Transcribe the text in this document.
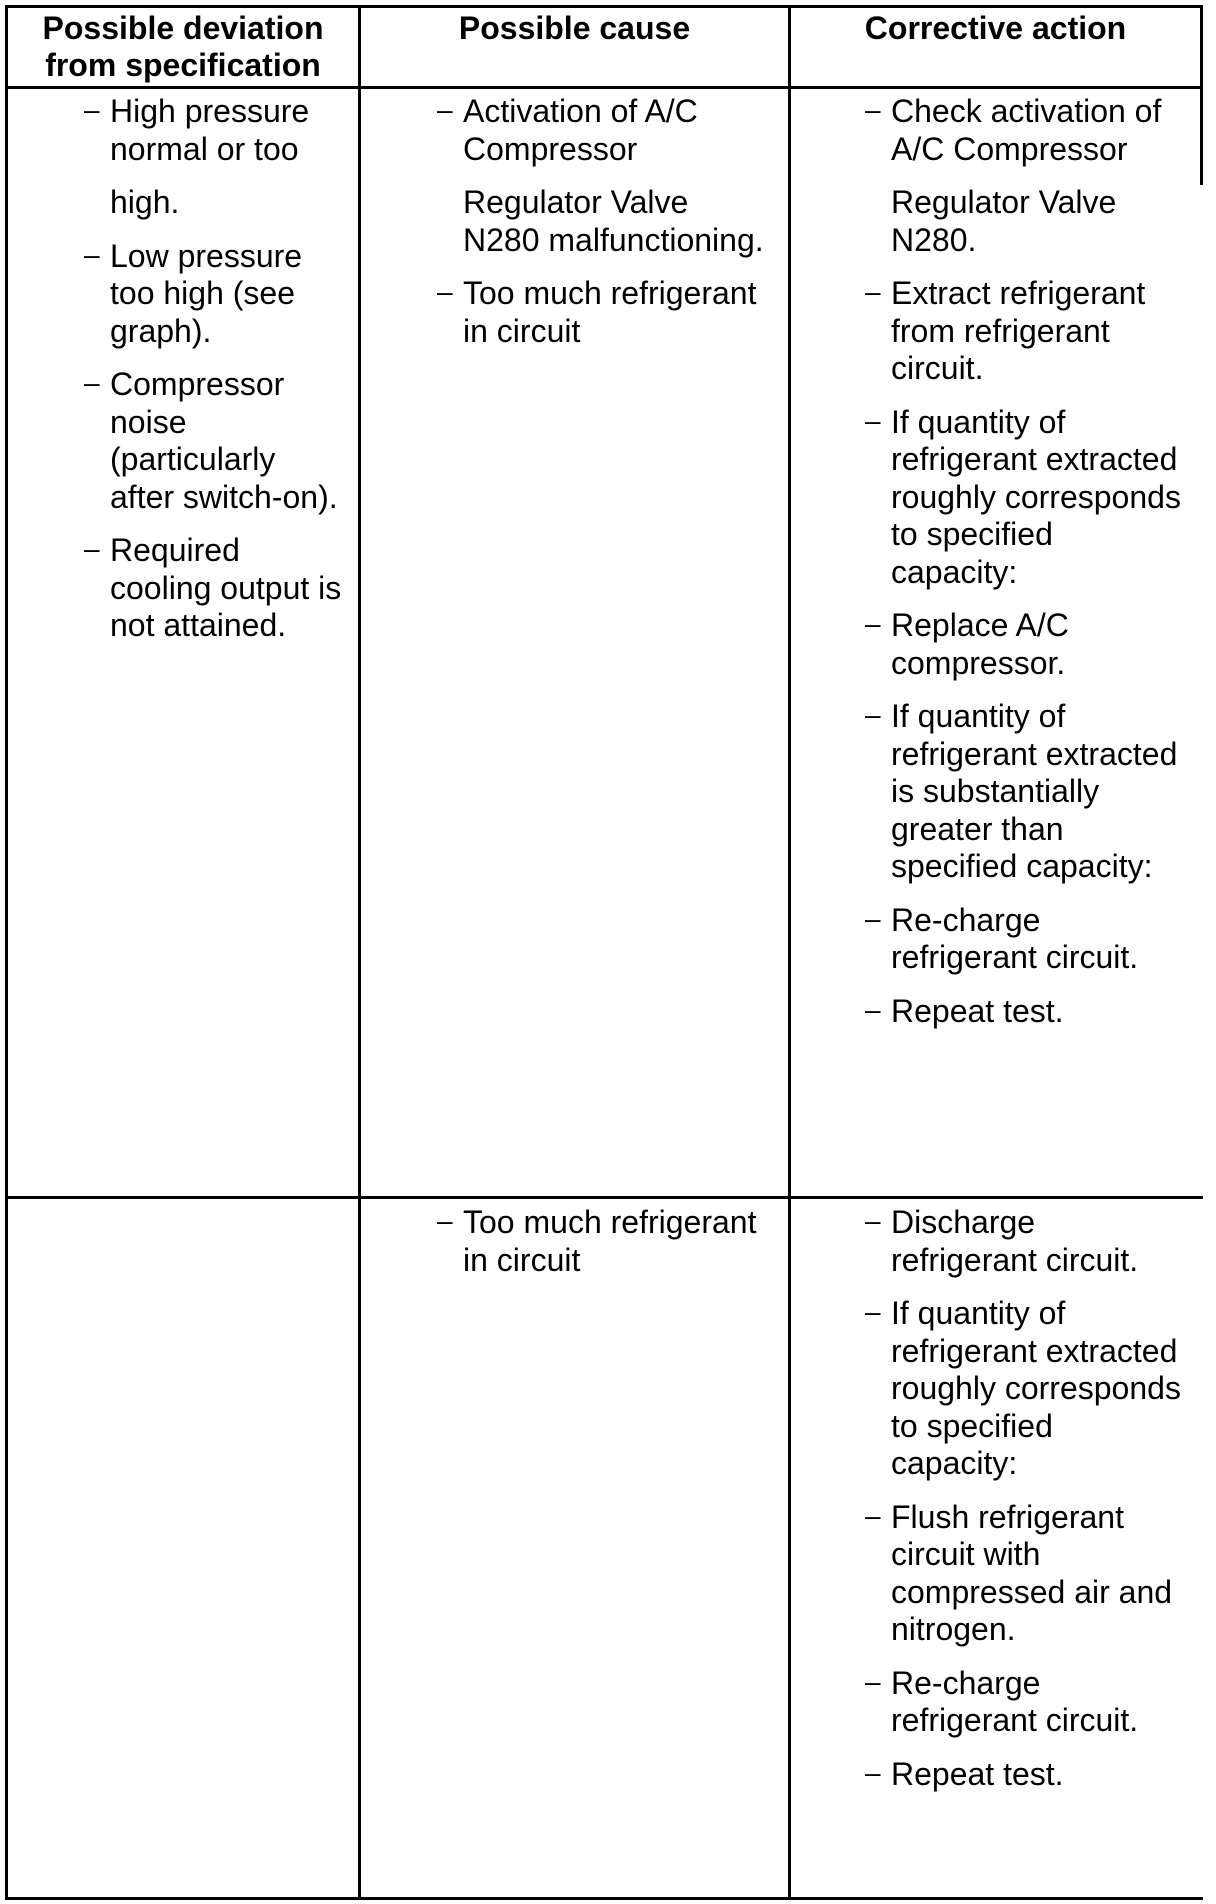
Possible deviation
from specification
Possible cause	Corrective action
– High pressure
normal or too
high.
– Low pressure
too high (see
graph).
– Compressor
noise
(particularly
after switch-on).
– Required
cooling output is
not attained.
– Activation of A/C
Compressor
Regulator Valve
N280 malfunctioning.
– Too much refrigerant
in circuit
– Check activation of
A/C Compressor
Regulator Valve
N280.
– Extract refrigerant
from refrigerant
circuit.
– If quantity of
refrigerant extracted
roughly corresponds
to specified
capacity:
– Replace A/C
compressor.
– If quantity of
refrigerant extracted
is substantially
greater than
specified capacity:
– Re-charge
refrigerant circuit.
– Repeat test.
– Too much refrigerant
in circuit
– Discharge
refrigerant circuit.
– If quantity of
refrigerant extracted
roughly corresponds
to specified
capacity:
– Flush refrigerant
circuit with
compressed air and
nitrogen.
– Re-charge
refrigerant circuit.
– Repeat test.
